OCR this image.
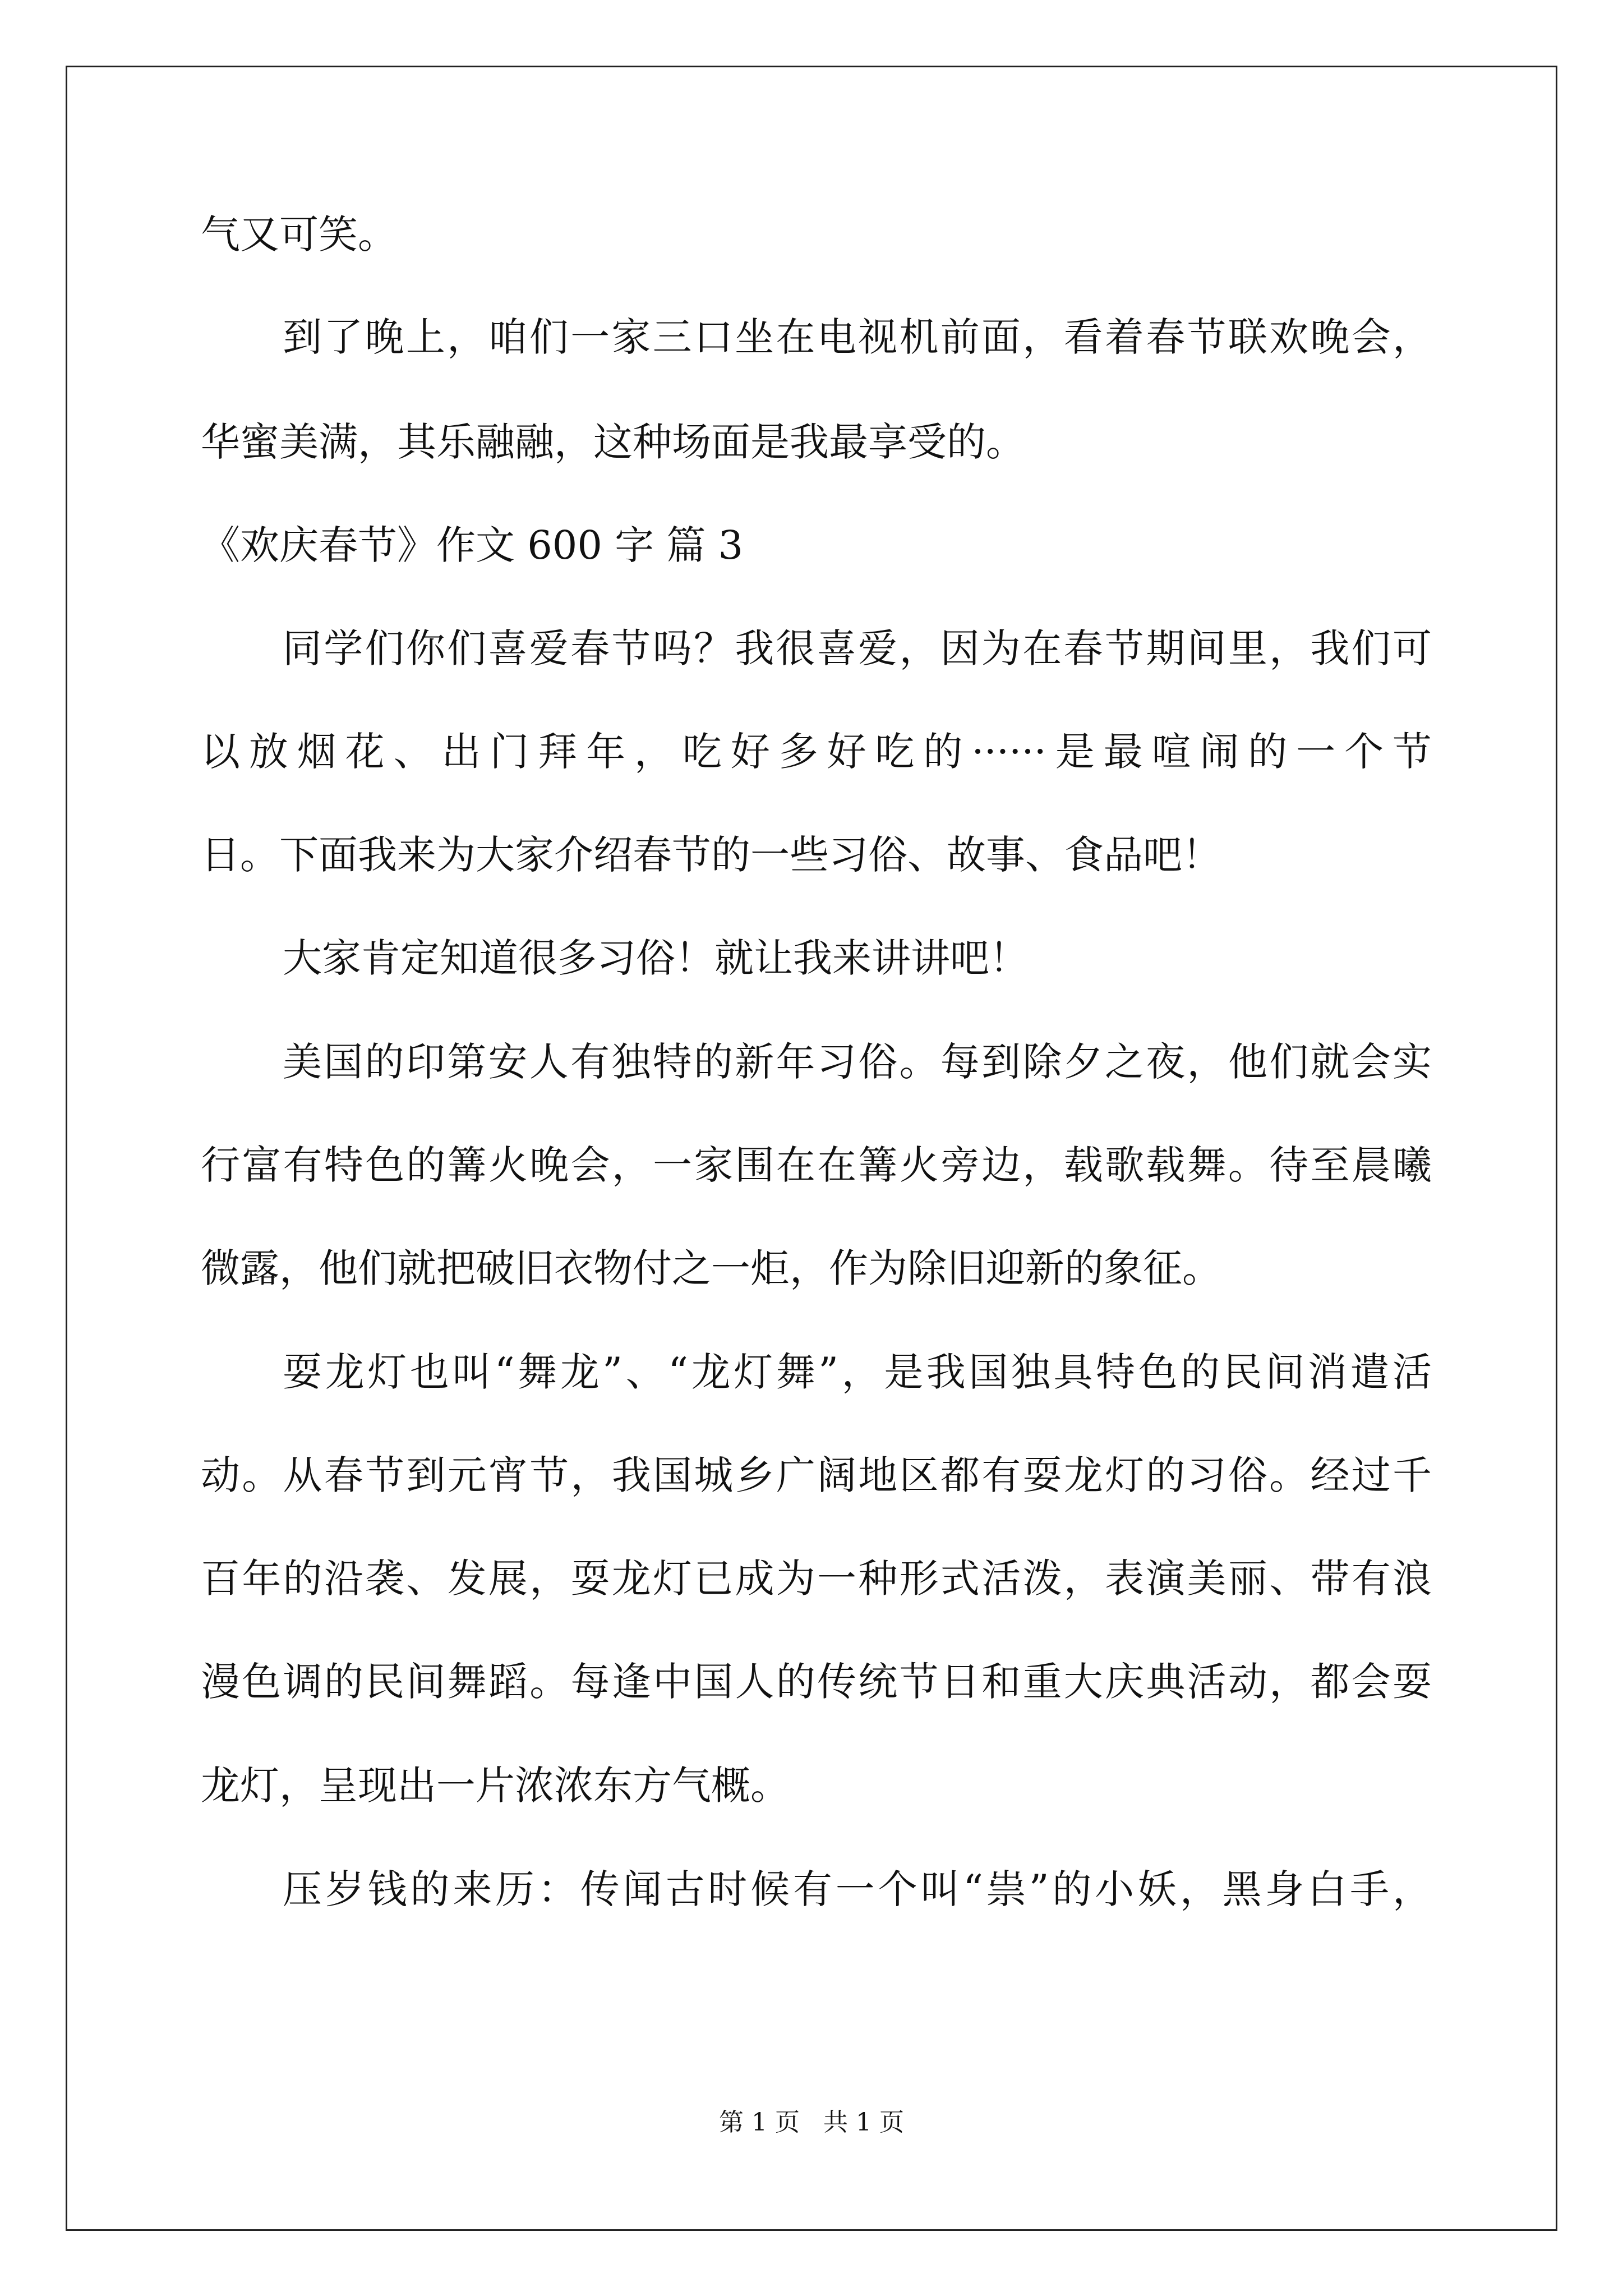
气又可笑。
到了晚上，咱们一家三口坐在电视机前面，看着春节联欢晚会，
华蜜美满，其乐融融，这种场面是我最享受的。
《欢庆春节》作文 600 字 篇 3
同学们你们喜爱春节吗？我很喜爱，因为在春节期间里，我们可
以放烟花、出门拜年，吃好多好吃的······是最喧闹的一个节
日。下面我来为大家介绍春节的一些习俗、故事、食品吧！
大家肯定知道很多习俗！就让我来讲讲吧！
美国的印第安人有独特的新年习俗。每到除夕之夜，他们就会实
行富有特色的篝火晚会，一家围在在篝火旁边，载歌载舞。待至晨曦
微露，他们就把破旧衣物付之一炬，作为除旧迎新的象征。
耍龙灯也叫“舞龙”、“龙灯舞”，是我国独具特色的民间消遣活
动。从春节到元宵节，我国城乡广阔地区都有耍龙灯的习俗。经过千
百年的沿袭、发展，耍龙灯已成为一种形式活泼，表演美丽、带有浪
漫色调的民间舞蹈。每逢中国人的传统节日和重大庆典活动，都会耍
龙灯，呈现出一片浓浓东方气概。
压岁钱的来历：传闻古时候有一个叫“祟”的小妖，黑身白手，
第 1 页   共 1 页
